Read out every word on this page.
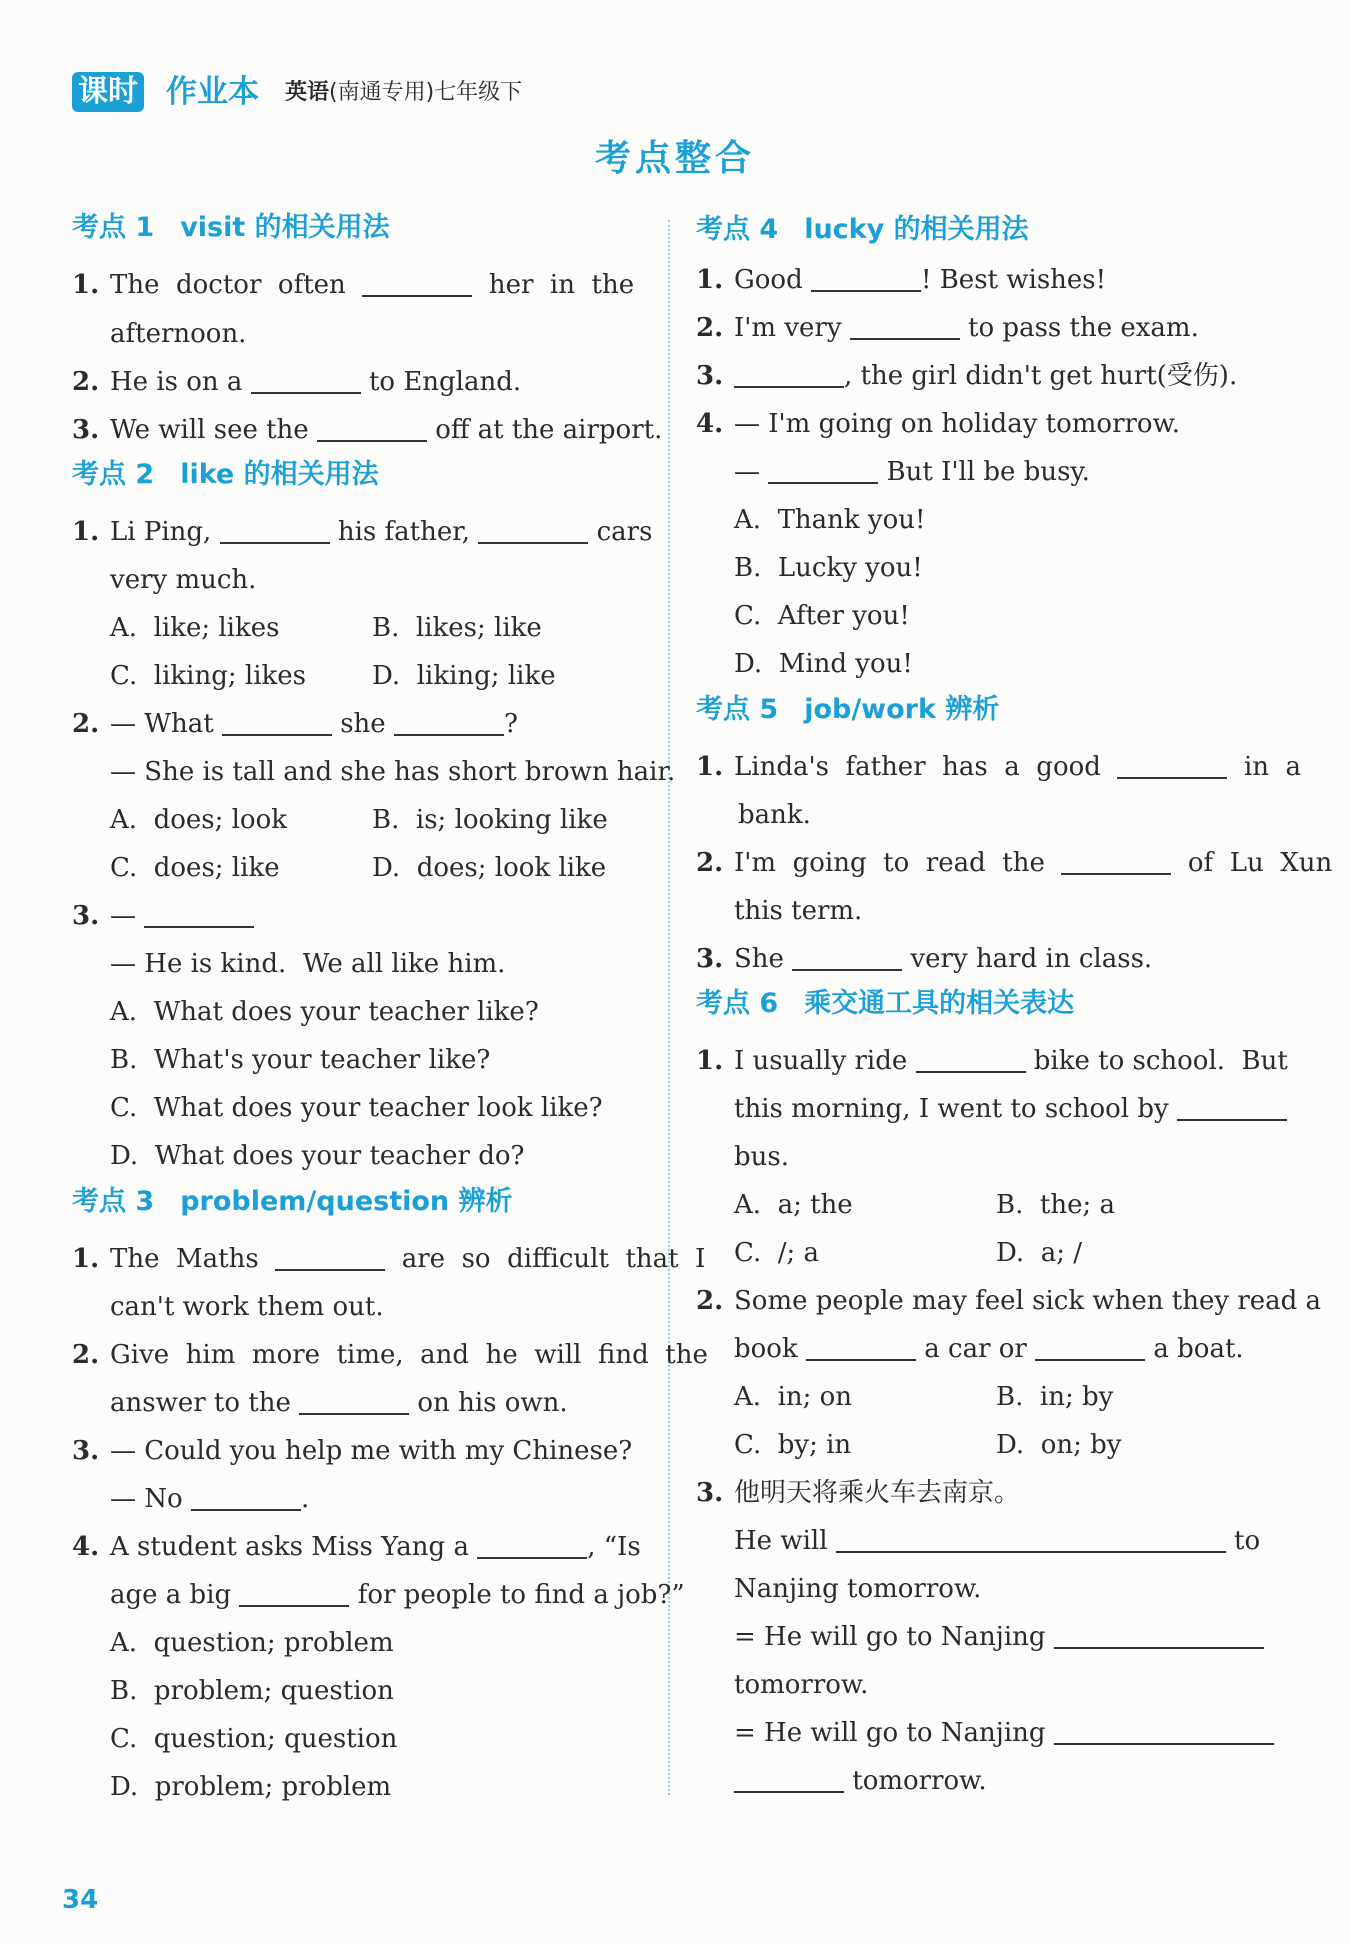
课时 作业本 英语(南通专用)七年级下
考点整合
考点 1 visit 的相关用法
1. The  doctor  often	her  in  the
afternoon.
2. He is on a	to England.
3. We will see the	off at the airport.
考点 2 like 的相关用法
1. Li Ping,	his father,	cars
very much.
A.  like; likes	B.  likes; like
C.  liking; likes	D.  liking; like
2. — What	she	?
— She is tall and she has short brown hair.
A.  does; look	B.  is; looking like
C.  does; like	D.  does; look like
3. —
— He is kind.  We all like him.
A.  What does your teacher like?
B.  What's your teacher like?
C.  What does your teacher look like?
D.  What does your teacher do?
考点 3 problem/question 辨析
1. The  Maths	are  so  difficult  that  I
can't work them out.
2. Give  him  more  time,  and  he  will  find  the
answer to the	on his own.
3. — Could you help me with my Chinese?
— No	.
4. A student asks Miss Yang a	, “Is
age a big	for people to find a job?”
A.  question; problem
B.  problem; question
C.  question; question
D.  problem; problem
考点 4 lucky 的相关用法
1. Good	! Best wishes!
2. I'm very	to pass the exam.
3.	, the girl didn't get hurt(受伤).
4. — I'm going on holiday tomorrow.
—	But I'll be busy.
A.  Thank you!
B.  Lucky you!
C.  After you!
D.  Mind you!
考点 5 job/work 辨析
1. Linda's  father  has  a  good	in  a
bank.
2. I'm  going  to  read  the	of  Lu  Xun
this term.
3. She	very hard in class.
考点 6 乘交通工具的相关表达
1. I usually ride	bike to school.  But
this morning, I went to school by
bus.
A.  a; the	B.  the; a
C.  /; a	D.  a; /
2. Some people may feel sick when they read a
book	a car or	a boat.
A.  in; on	B.  in; by
C.  by; in	D.  on; by
3. 他明天将乘火车去南京。
He will	to
Nanjing tomorrow.
= He will go to Nanjing
tomorrow.
= He will go to Nanjing
tomorrow.
34
